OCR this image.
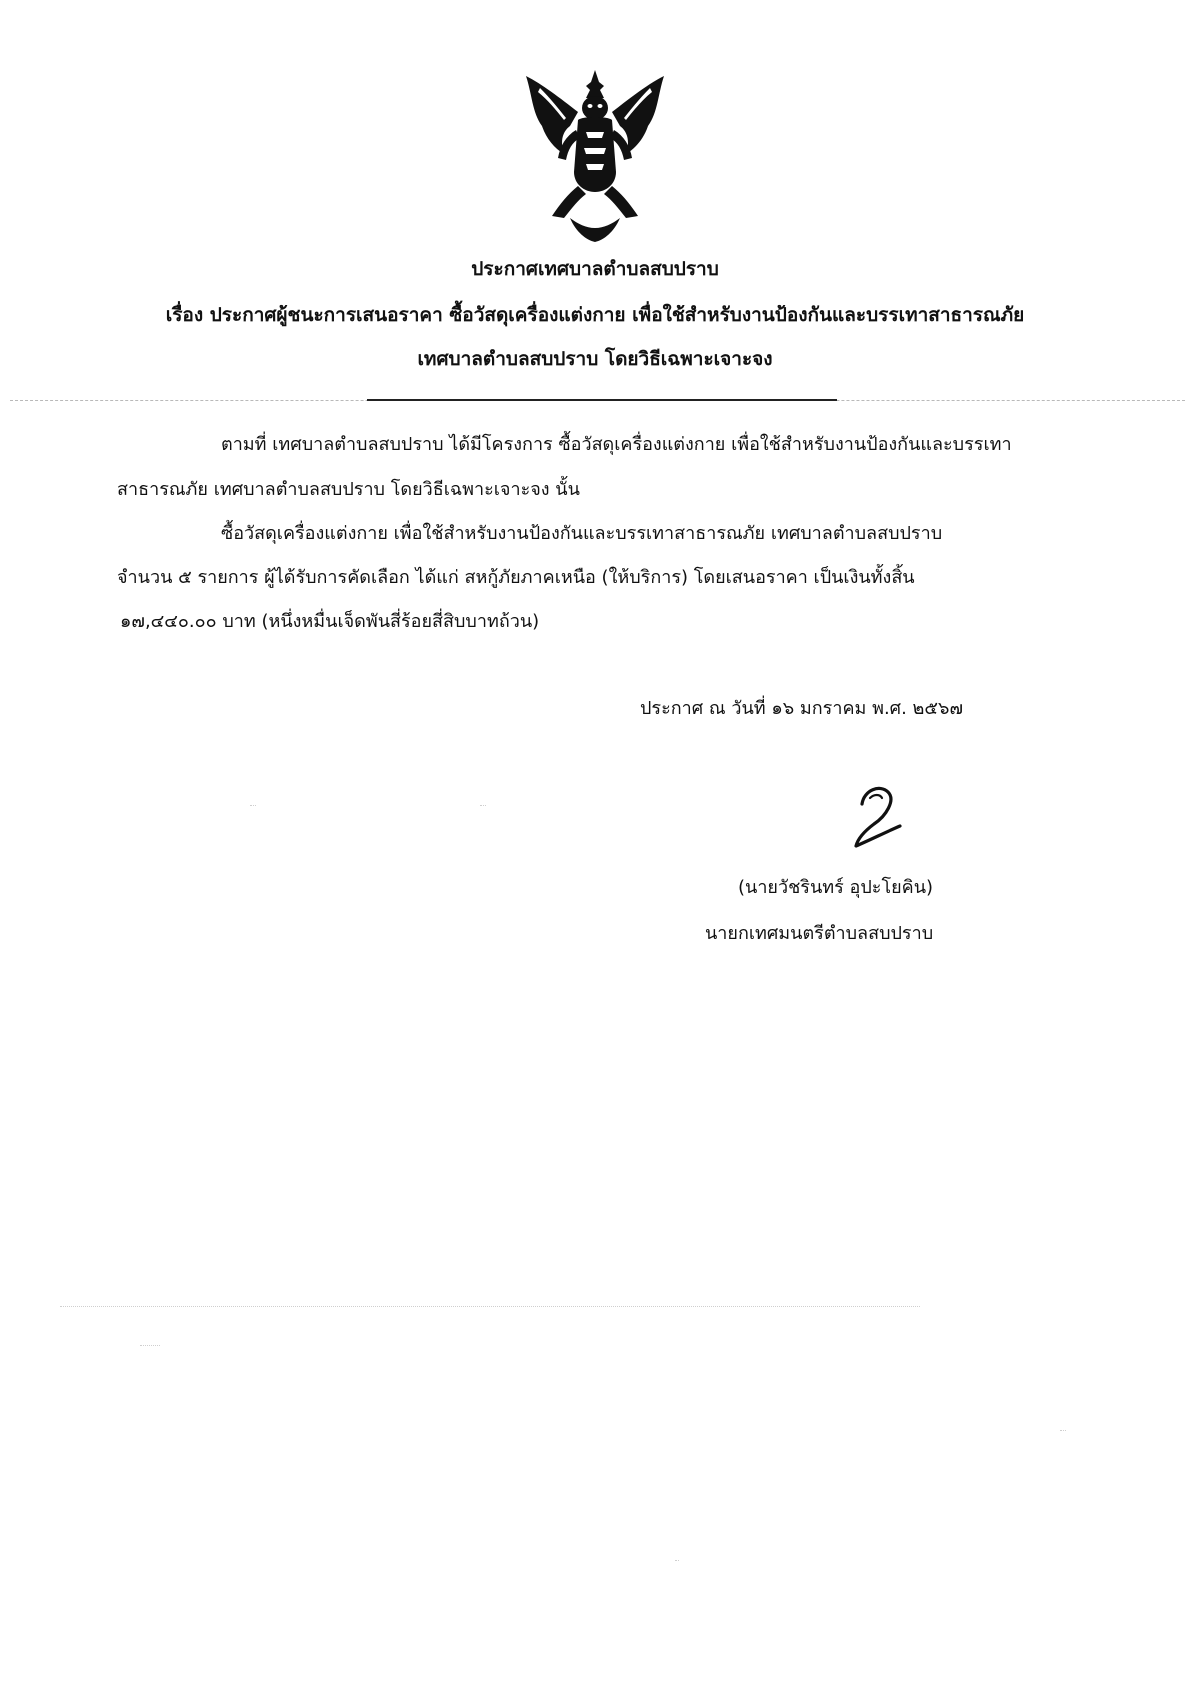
ประกาศเทศบาลตำบลสบปราบ
เรื่อง ประกาศผู้ชนะการเสนอราคา ซื้อวัสดุเครื่องแต่งกาย เพื่อใช้สำหรับงานป้องกันและบรรเทาสาธารณภัย
เทศบาลตำบลสบปราบ โดยวิธีเฉพาะเจาะจง
ตามที่ เทศบาลตำบลสบปราบ ได้มีโครงการ ซื้อวัสดุเครื่องแต่งกาย เพื่อใช้สำหรับงานป้องกันและบรรเทา
สาธารณภัย เทศบาลตำบลสบปราบ โดยวิธีเฉพาะเจาะจง นั้น
ซื้อวัสดุเครื่องแต่งกาย เพื่อใช้สำหรับงานป้องกันและบรรเทาสาธารณภัย เทศบาลตำบลสบปราบ
จำนวน ๕ รายการ ผู้ได้รับการคัดเลือก ได้แก่ สหกู้ภัยภาคเหนือ (ให้บริการ) โดยเสนอราคา เป็นเงินทั้งสิ้น
๑๗,๔๔๐.๐๐ บาท (หนึ่งหมื่นเจ็ดพันสี่ร้อยสี่สิบบาทถ้วน)
ประกาศ ณ วันที่ ๑๖ มกราคม พ.ศ. ๒๕๖๗
(นายวัชรินทร์ อุปะโยคิน)
นายกเทศมนตรีตำบลสบปราบ
